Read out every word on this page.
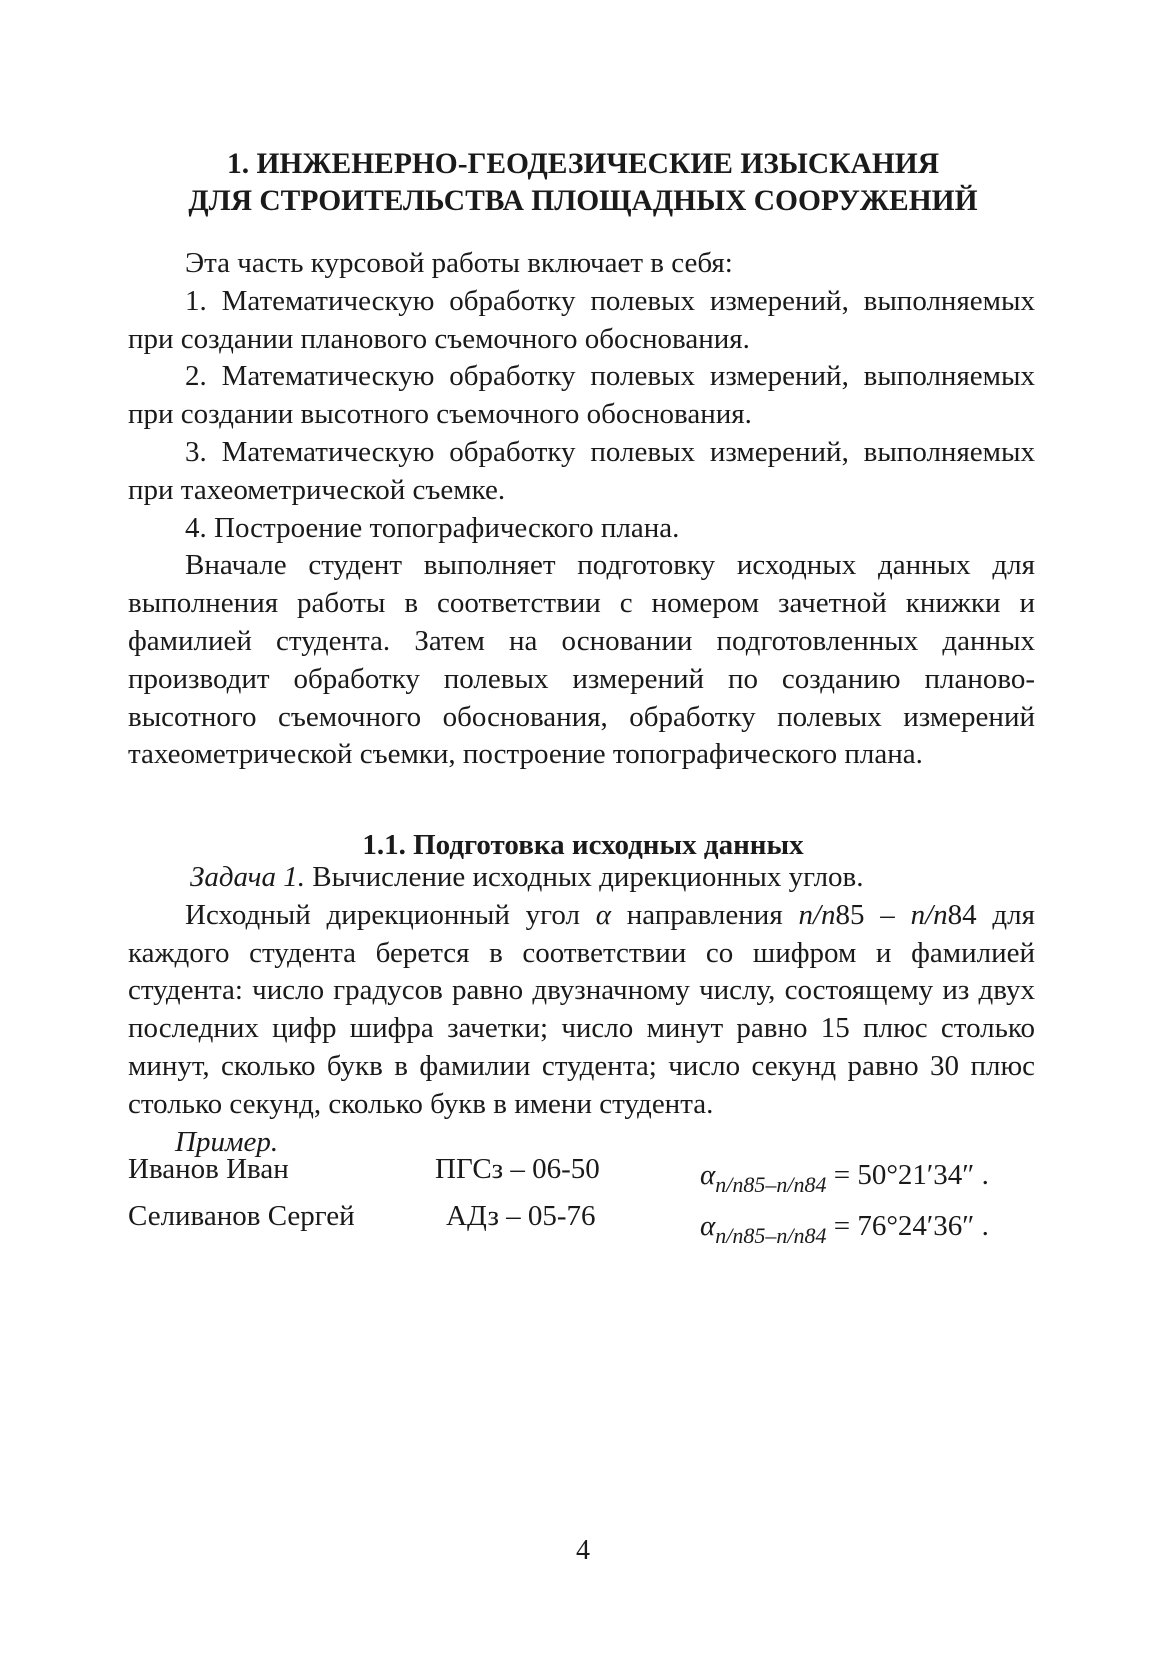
1. ИНЖЕНЕРНО-ГЕОДЕЗИЧЕСКИЕ ИЗЫСКАНИЯ
ДЛЯ СТРОИТЕЛЬСТВА ПЛОЩАДНЫХ СООРУЖЕНИЙ

Эта часть курсовой работы включает в себя:

1. Математическую обработку полевых измерений, выполняемых при создании планового съемочного обоснования.

2. Математическую обработку полевых измерений, выполняемых при создании высотного съемочного обоснования.

3. Математическую обработку полевых измерений, выполняемых при тахеометрической съемке.

4. Построение топографического плана.

Вначале студент выполняет подготовку исходных данных для выполнения работы в соответствии с номером зачетной книжки и фамилией студента. Затем на основании подготовленных данных производит обработку полевых измерений по созданию планово-высотного съемочного обоснования, обработку полевых измерений тахеометрической съемки, построение топографического плана.

1.1. Подготовка исходных данных

Задача 1. Вычисление исходных дирекционных углов.

Исходный дирекционный угол α направления п/п85 – п/п84 для каждого студента берется в соответствии со шифром и фамилией студента: число градусов равно двузначному числу, состоящему из двух последних цифр шифра зачетки; число минут равно 15 плюс столько минут, сколько букв в фамилии студента; число секунд равно 30 плюс столько секунд, сколько букв в имени студента.

Пример.

Иванов Иван	ПГСз – 06-50	$\alpha_{п/п85-п/п84} = 50^\circ 21'34''$ .
Селиванов Сергей	АДз – 05-76	$\alpha_{п/п85-п/п84} = 76^\circ 24'36''$ .
4
